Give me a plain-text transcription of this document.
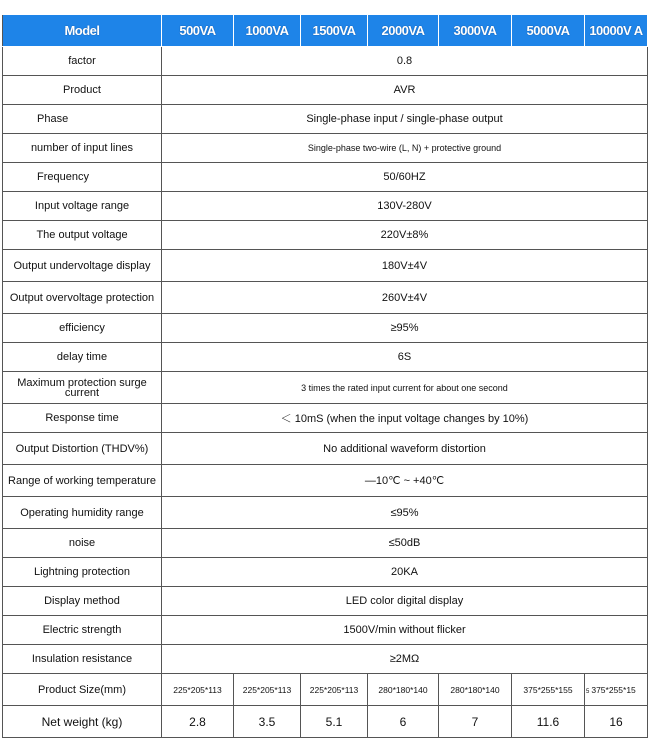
Model	500VA	1000VA	1500VA	2000VA	3000VA	5000VA	10000V A
factor	0.8						
Product	AVR						
Phase	Single-phase input / single-phase output						
number of input lines	Single-phase two-wire (L, N) + protective ground						
Frequency	50/60HZ						
Input voltage range	130V-280V						
The output voltage	220V±8%						
Output undervoltage display	180V±4V						
Output overvoltage protection	260V±4V						
efficiency	≥95%						
delay time	6S						
Maximum protection surge current	3 times the rated input current for about one second						
Response time	＜ 10mS (when the input voltage changes by 10%)						
Output Distortion (THDV%)	No additional waveform distortion						
Range of working temperature	—10℃ ~ +40℃						
Operating humidity range	≤95%						
noise	≤50dB						
Lightning protection	20KA						
Display method	LED color digital display						
Electric strength	1500V/min without flicker						
Insulation resistance	≥2MΩ						
Product Size(mm)	225*205*113	225*205*113	225*205*113	280*180*140	280*180*140	375*255*155	5 375*255*15
Net weight (kg)	2.8	3.5	5.1	6	7	11.6	16
